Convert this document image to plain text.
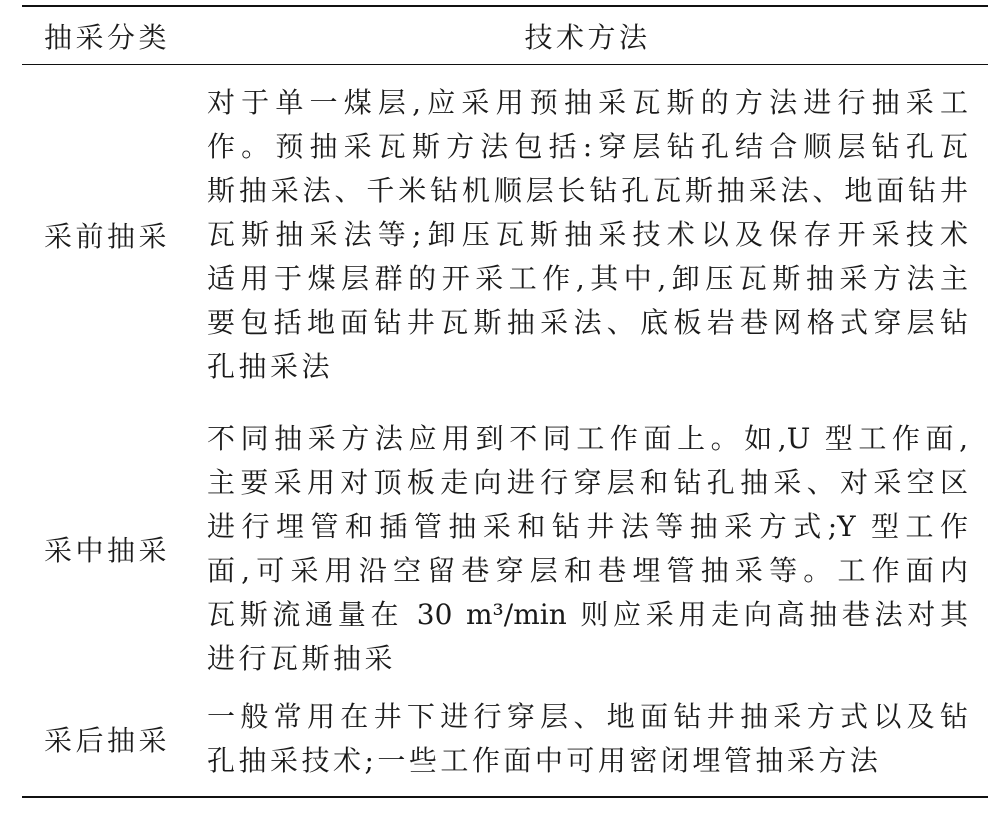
抽采分类	技术方法
采前抽采
对于单一煤层,应采用预抽采瓦斯的方法进行抽采工
作。预抽采瓦斯方法包括:穿层钻孔结合顺层钻孔瓦
斯抽采法、千米钻机顺层长钻孔瓦斯抽采法、地面钻井
瓦斯抽采法等;卸压瓦斯抽采技术以及保存开采技术
适用于煤层群的开采工作,其中,卸压瓦斯抽采方法主
要包括地面钻井瓦斯抽采法、底板岩巷网格式穿层钻
孔抽采法
采中抽采
不同抽采方法应用到不同工作面上。如,U 型工作面,
主要采用对顶板走向进行穿层和钻孔抽采、对采空区
进行埋管和插管抽采和钻井法等抽采方式;Y 型工作
面,可采用沿空留巷穿层和巷埋管抽采等。工作面内
瓦斯流通量在 30 m³/min 则应采用走向高抽巷法对其
进行瓦斯抽采
采后抽采
一般常用在井下进行穿层、地面钻井抽采方式以及钻
孔抽采技术;一些工作面中可用密闭埋管抽采方法
